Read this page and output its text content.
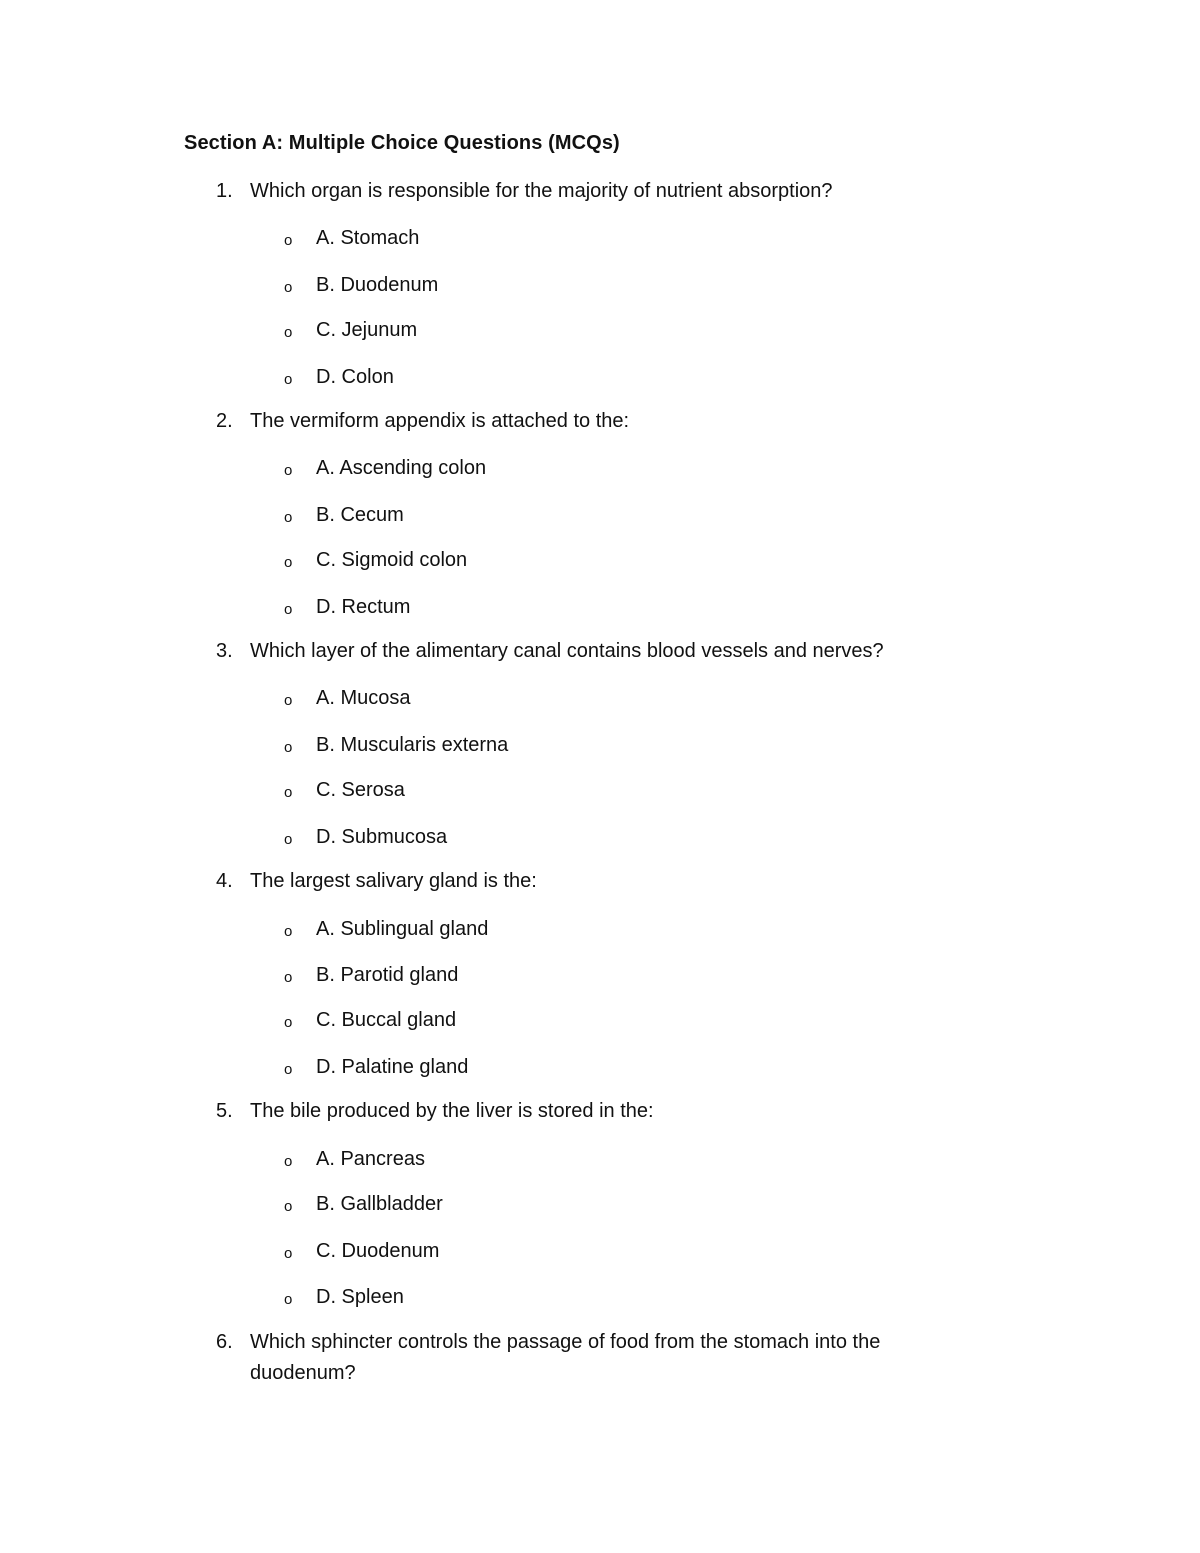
Section A: Multiple Choice Questions (MCQs)
1. Which organ is responsible for the majority of nutrient absorption?
o A. Stomach
o B. Duodenum
o C. Jejunum
o D. Colon
2. The vermiform appendix is attached to the:
o A. Ascending colon
o B. Cecum
o C. Sigmoid colon
o D. Rectum
3. Which layer of the alimentary canal contains blood vessels and nerves?
o A. Mucosa
o B. Muscularis externa
o C. Serosa
o D. Submucosa
4. The largest salivary gland is the:
o A. Sublingual gland
o B. Parotid gland
o C. Buccal gland
o D. Palatine gland
5. The bile produced by the liver is stored in the:
o A. Pancreas
o B. Gallbladder
o C. Duodenum
o D. Spleen
6. Which sphincter controls the passage of food from the stomach into the duodenum?
